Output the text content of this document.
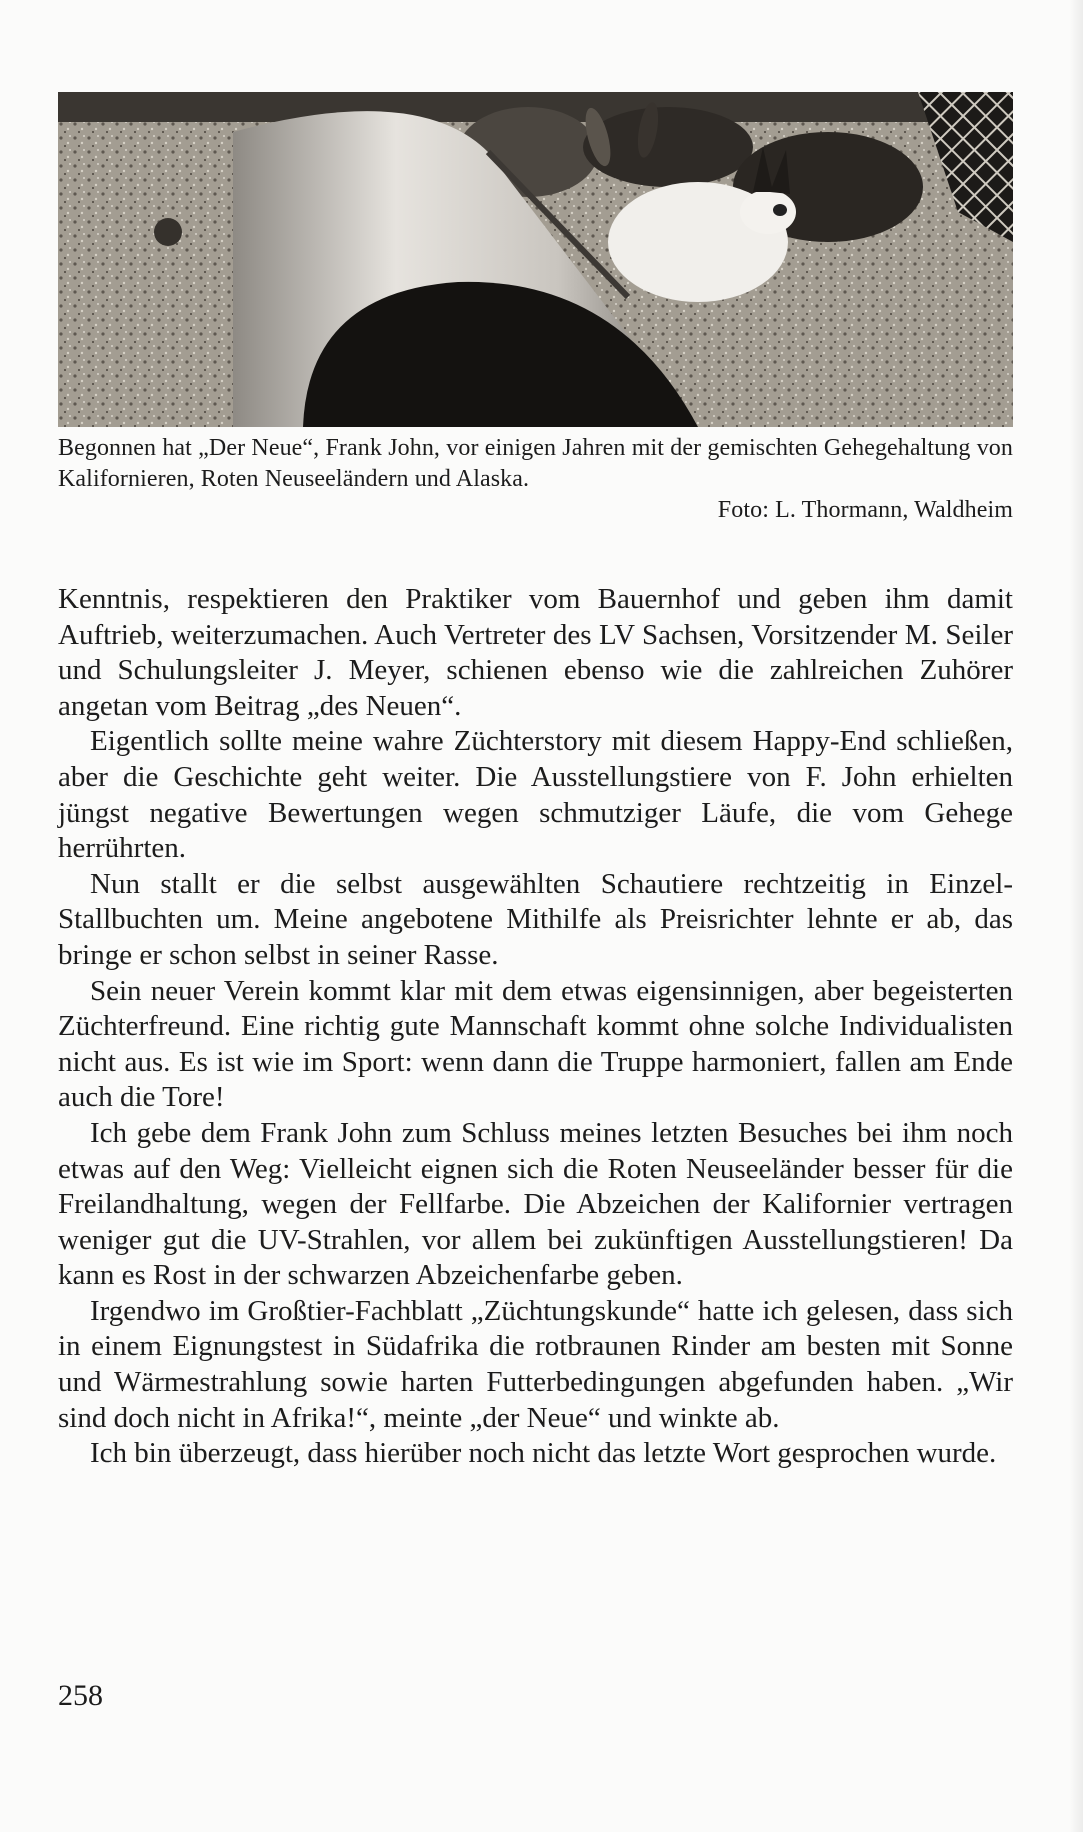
Begonnen hat „Der Neue“, Frank John, vor einigen Jahren mit der gemischten Gehegehaltung von Kalifornieren, Roten Neuseeländern und Alaska.

Foto: L. Thormann, Waldheim

Kenntnis, respektieren den Praktiker vom Bauernhof und geben ihm damit Auftrieb, weiterzumachen. Auch Vertreter des LV Sachsen, Vorsitzender M. Seiler und Schulungsleiter J. Meyer, schienen ebenso wie die zahlreichen Zuhörer angetan vom Beitrag „des Neuen“.

Eigentlich sollte meine wahre Züchterstory mit diesem Happy-End schließen, aber die Geschichte geht weiter. Die Ausstellungstiere von F. John erhielten jüngst negative Bewertungen wegen schmutziger Läufe, die vom Gehege herrührten.

Nun stallt er die selbst ausgewählten Schautiere rechtzeitig in Einzel-Stallbuchten um. Meine angebotene Mithilfe als Preisrichter lehnte er ab, das bringe er schon selbst in seiner Rasse.

Sein neuer Verein kommt klar mit dem etwas eigensinnigen, aber begeisterten Züchterfreund. Eine richtig gute Mannschaft kommt ohne solche Individualisten nicht aus. Es ist wie im Sport: wenn dann die Truppe harmoniert, fallen am Ende auch die Tore!

Ich gebe dem Frank John zum Schluss meines letzten Besuches bei ihm noch etwas auf den Weg: Vielleicht eignen sich die Roten Neuseeländer besser für die Freilandhaltung, wegen der Fellfarbe. Die Abzeichen der Kalifornier vertragen weniger gut die UV-Strahlen, vor allem bei zukünftigen Ausstellungstieren! Da kann es Rost in der schwarzen Abzeichenfarbe geben.

Irgendwo im Großtier-Fachblatt „Züchtungskunde“ hatte ich gelesen, dass sich in einem Eignungstest in Südafrika die rotbraunen Rinder am besten mit Sonne und Wärmestrahlung sowie harten Futterbedingungen abgefunden haben. „Wir sind doch nicht in Afrika!“, meinte „der Neue“ und winkte ab.

Ich bin überzeugt, dass hierüber noch nicht das letzte Wort gesprochen wurde.

258
